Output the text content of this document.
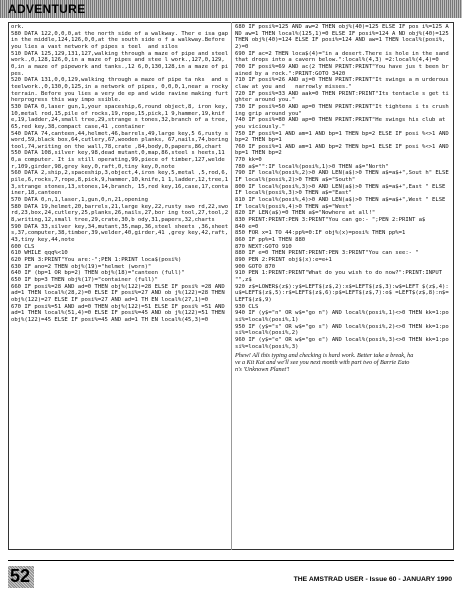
ADVENTURE
ork.
580 DATA 122,0,0,0,at the north side of a walkway. Ther e isa gap in the middle,124,126,0,0,at the south side o f a walkway.Before  you lies a vast network of pipes s teel  and silos
510 DATA 125,129,131,127,walking through a maze of pipe and steelwork.,0,128,126,0,in a maze of pipes and stee l work.,127,0,129,0,in a maze of pipework and tanks.,12 6,0,130,128,in a maze of pipes.
520 DATA 131,0,0,129,walking through a maze of pipe ta nks  and steelwork.,0,130,0,125,in a network of pipes, 0,0,0,1,near a rocky terrain. Before you lies a very de ep and wide ravine making furtherprogress this way impo ssible.
530 DATA 0,laser gun,1,your spaceship,6,round object,8, iron key,10,metal rod,15,pile of rocks,19,rope,15,pick,1 9,hammer,19,knife,19,ladder,24,small tree,29,strange s tones,32,branch of a tree,65,red key,38,compact case,41 ,container
540 DATA 74,canteen,44,helmet,46,barrels,49,large key,5 6,rusty sword,59,black box,64,cutlery,67,wooden planks, 67,nails,74,boring tool,74,writing on the wall,78,crate ,84,body,0,papers,86,chart
550 DATA 108,silver key,98,dead mutant,0,map,86,steel s heets,110,a computer. It is still operating,99,piece of timber,127,welder,109,girder,98,grey key,0,raft,0,tiny key,0,note
560 DATA 2,ship,2,spaceship,3,object,4,iron key,5,metal ,5,rod,6,pile,6,rocks,7,rope,8,pick,9,hammer,10,knife,1 1,ladder,12,tree,13,strange stones,13,stones,14,branch, 15,red key,16,case,17,container,18,canteen
570 DATA 0,n,1,laser,1,gun,0,n,21,opening
580 DATA 19,helmet,20,barrels,21,large key,22,rusty swo rd,22,sword,23,box,24,cutlery,25,planks,26,nails,27,bor ing tool,27,tool,28,writing,12,small tree,29,crate,30,b ody,31,papers,32,charts
590 DATA 33,silver key,34,mutant,35,map,36,steel sheets ,36,sheets,37,computer,38,timber,39,welder,40,girder,41 ,grey key,42,raft,43,tiny key,44,note
600 CLS
610 WHILE qqq%<10
620 PEN 3:PRINT"You are:-";PEN 1:PRINT loca$(posi%)
630 IF ano=2 THEN obj%(19)="helmet (worn)"
640 IF (bp=1 OR bp=2) THEN obj%(18)="canteen (full)"
650 IF bp=3 THEN obj%(17)="container (full)"
660 IF posi%=28 AND ad=0 THEN obj%(122)=28 ELSE IF posi% =28 AND ad=1 THEN local%(28,2)=0 ELSE IF posi%=27 AND ob j%(122)=28 THEN obj%(122)=27 ELSE IF posi%=27 AND ad=1 TH EN local%(27,1)=0
670 IF posi%=51 AND ad=0 THEN obj%(122)=51 ELSE IF posi% =51 AND ad=1 THEN local%(51,4)=0 ELSE IF posi%=45 AND ob j%(122)=51 THEN obj%(122)=45 ELSE IF posi%=45 AND ad=1 TH EN local%(45,3)=0
680 IF posi%=125 AND aw=2 THEN obj%(40)=125 ELSE IF pos i%=125 AND aw=1 THEN local%(125,1)=0 ELSE IF posi%=124 A ND obj%(40)=125 THEN obj%(40)=124 ELSE IF posi%=124 AND aw=1 THEN local%(posi%,2)=0
690 IF ac=2 THEN loca$(4)="in a desert.There is hole in the sand  that drops into a cavern below.":local%(4,3) =2:local%(4,4)=0
700 IF posi%=69 AND ac(2 THEN PRINT:PRINT"You have jus t been brained by a rock.":PRINT:GOTO 3420
710 IF posi%=26 AND aj=0 THEN PRINT:PRINT"It swings a m urderous claw at you and   narrowly misses."
720 IF posi%=33 AND aak=0 THEN PRINT:PRINT"Its tentacle s get tighter around you."
730 IF posi%=50 AND ap=0 THEN PRINT:PRINT"It tightens i ts crushing grip around you"
740 IF posi%=80 AND ap=0 THEN PRINT:PRINT"He swings his club at you viciously."
750 IF posi%=1 AND am=1 AND bp=1 THEN bp=2 ELSE IF posi %<>1 AND bp=2 THEN bp=1
760 IF posi%=1 AND am=1 AND bp=2 THEN bp=1 ELSE IF posi %<>1 AND bp=1 THEN bp=2
770 kk=0
780 a$="":IF local%(posi%,1)>0 THEN a$="North"
790 IF local%(posi%,2)>0 AND LEN(a$)>0 THEN a$=a$+",Sout h" ELSE IF local%(posi%,2)>0 THEN a$="South"
800 IF local%(posi%,3)>0 AND LEN(a$)>0 THEN a$=a$+",East " ELSE IF local%(posi%,3)>0 THEN a$="East"
810 IF local%(posi%,4)>0 AND LEN(a$)>0 THEN a$=a$+",West " ELSE IF local%(posi%,4)>0 THEN a$="West"
820 IF LEN(a$)=0 THEN a$="Nowhere at all!"
830 PRINT:PRINT:PEN 3:PRINT"You can go:- ";PEN 2:PRINT a$
840 e=0
850 FOR x=1 TO 44:pp%=0:IF obj%(x)=posi% THEN pp%=1
860 IF pp%=1 THEN 880
870 NEXT:GOTO 910
880 IF e=0 THEN PRINT:PRINT:PEN 3:PRINT"You can see:- "
890 PEN 2:PRINT obj$(x):e=e+1
900 GOTO 870
910 PEN 1:PRINT:PRINT"What do you wish to do now?":PRINT:INPUT "",z$
920 z$=LOWER$(z$):y$=LEFT$(z$,2):x$=LEFT$(z$,3):w$=LEFT $(z$,4):u$=LEFT$(z$,5):r$=LEFT$(z$,6):p$=LEFT$(z$,7):o$ =LEFT$(z$,8):n$=LEFT$(z$,9)
930 CLS
940 IF (y$="n" OR w$="go n") AND local%(posi%,1)<>0 THEN kk=1:posi%=local%(posi%,1)
950 IF (y$="s" OR w$="go s") AND local%(posi%,2)<>0 THEN kk=1:posi%=local%(posi%,2)
960 IF (y$="e" OR w$="go e") AND local%(posi%,3)<>0 THEN kk=1:posi%=local%(posi%,3)
Phew! All this typing and checking is hard work. Better take a break, have a Kit Kat and we'll see you next month with part two of Barrie Eaton's 'Unknown Planet'!
52	THE AMSTRAD USER - Issue 60 - JANUARY 1990
